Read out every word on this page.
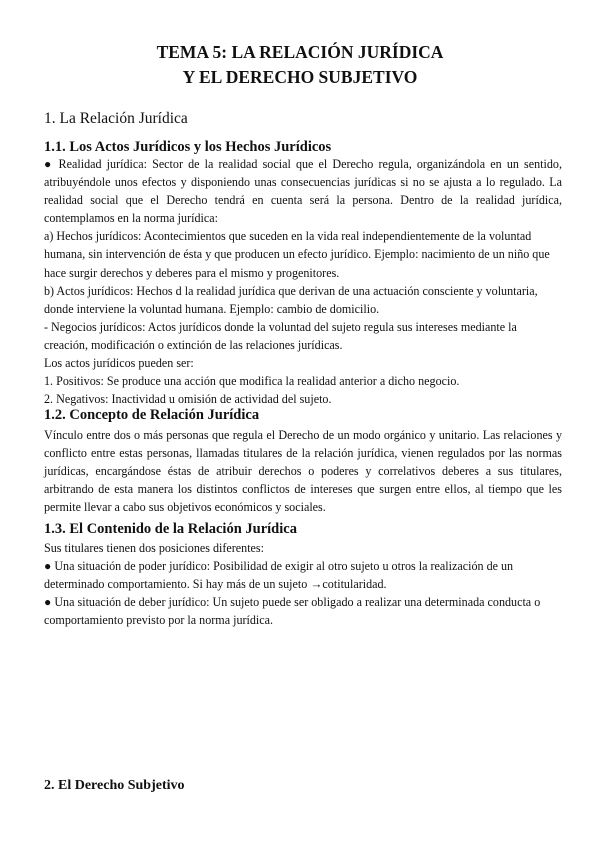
TEMA 5: LA RELACIÓN JURÍDICA
Y EL DERECHO SUBJETIVO
1. La Relación Jurídica
1.1. Los Actos Jurídicos y los Hechos Jurídicos

● Realidad jurídica: Sector de la realidad social que el Derecho regula, organizándola en un sentido, atribuyéndole unos efectos y disponiendo unas consecuencias jurídicas si no se ajusta a lo regulado. La realidad social que el Derecho tendrá en cuenta será la persona. Dentro de la realidad jurídica, contemplamos en la norma jurídica:

a) Hechos jurídicos: Acontecimientos que suceden en la vida real independientemente de la voluntad humana, sin intervención de ésta y que producen un efecto jurídico. Ejemplo: nacimiento de un niño que hace surgir derechos y deberes para el mismo y progenitores.

b) Actos jurídicos: Hechos d la realidad jurídica que derivan de una actuación consciente y voluntaria, donde interviene la voluntad humana. Ejemplo: cambio de domicilio.

- Negocios jurídicos: Actos jurídicos donde la voluntad del sujeto regula sus intereses mediante la creación, modificación o extinción de las relaciones jurídicas.

Los actos jurídicos pueden ser:

1. Positivos: Se produce una acción que modifica la realidad anterior a dicho negocio.

2. Negativos: Inactividad u omisión de actividad del sujeto.

1.2. Concepto de Relación Jurídica

Vínculo entre dos o más personas que regula el Derecho de un modo orgánico y unitario. Las relaciones y conflicto entre estas personas, llamadas titulares de la relación jurídica, vienen regulados por las normas jurídicas, encargándose éstas de atribuir derechos o poderes y correlativos deberes a sus titulares, arbitrando de esta manera los distintos conflictos de intereses que surgen entre ellos, al tiempo que les permite llevar a cabo sus objetivos económicos y sociales.

1.3. El Contenido de la Relación Jurídica

Sus titulares tienen dos posiciones diferentes:

● Una situación de poder jurídico: Posibilidad de exigir al otro sujeto u otros la realización de un determinado comportamiento. Si hay más de un sujeto →cotitularidad.

● Una situación de deber jurídico: Un sujeto puede ser obligado a realizar una determinada conducta o comportamiento previsto por la norma jurídica.

2. El Derecho Subjetivo
